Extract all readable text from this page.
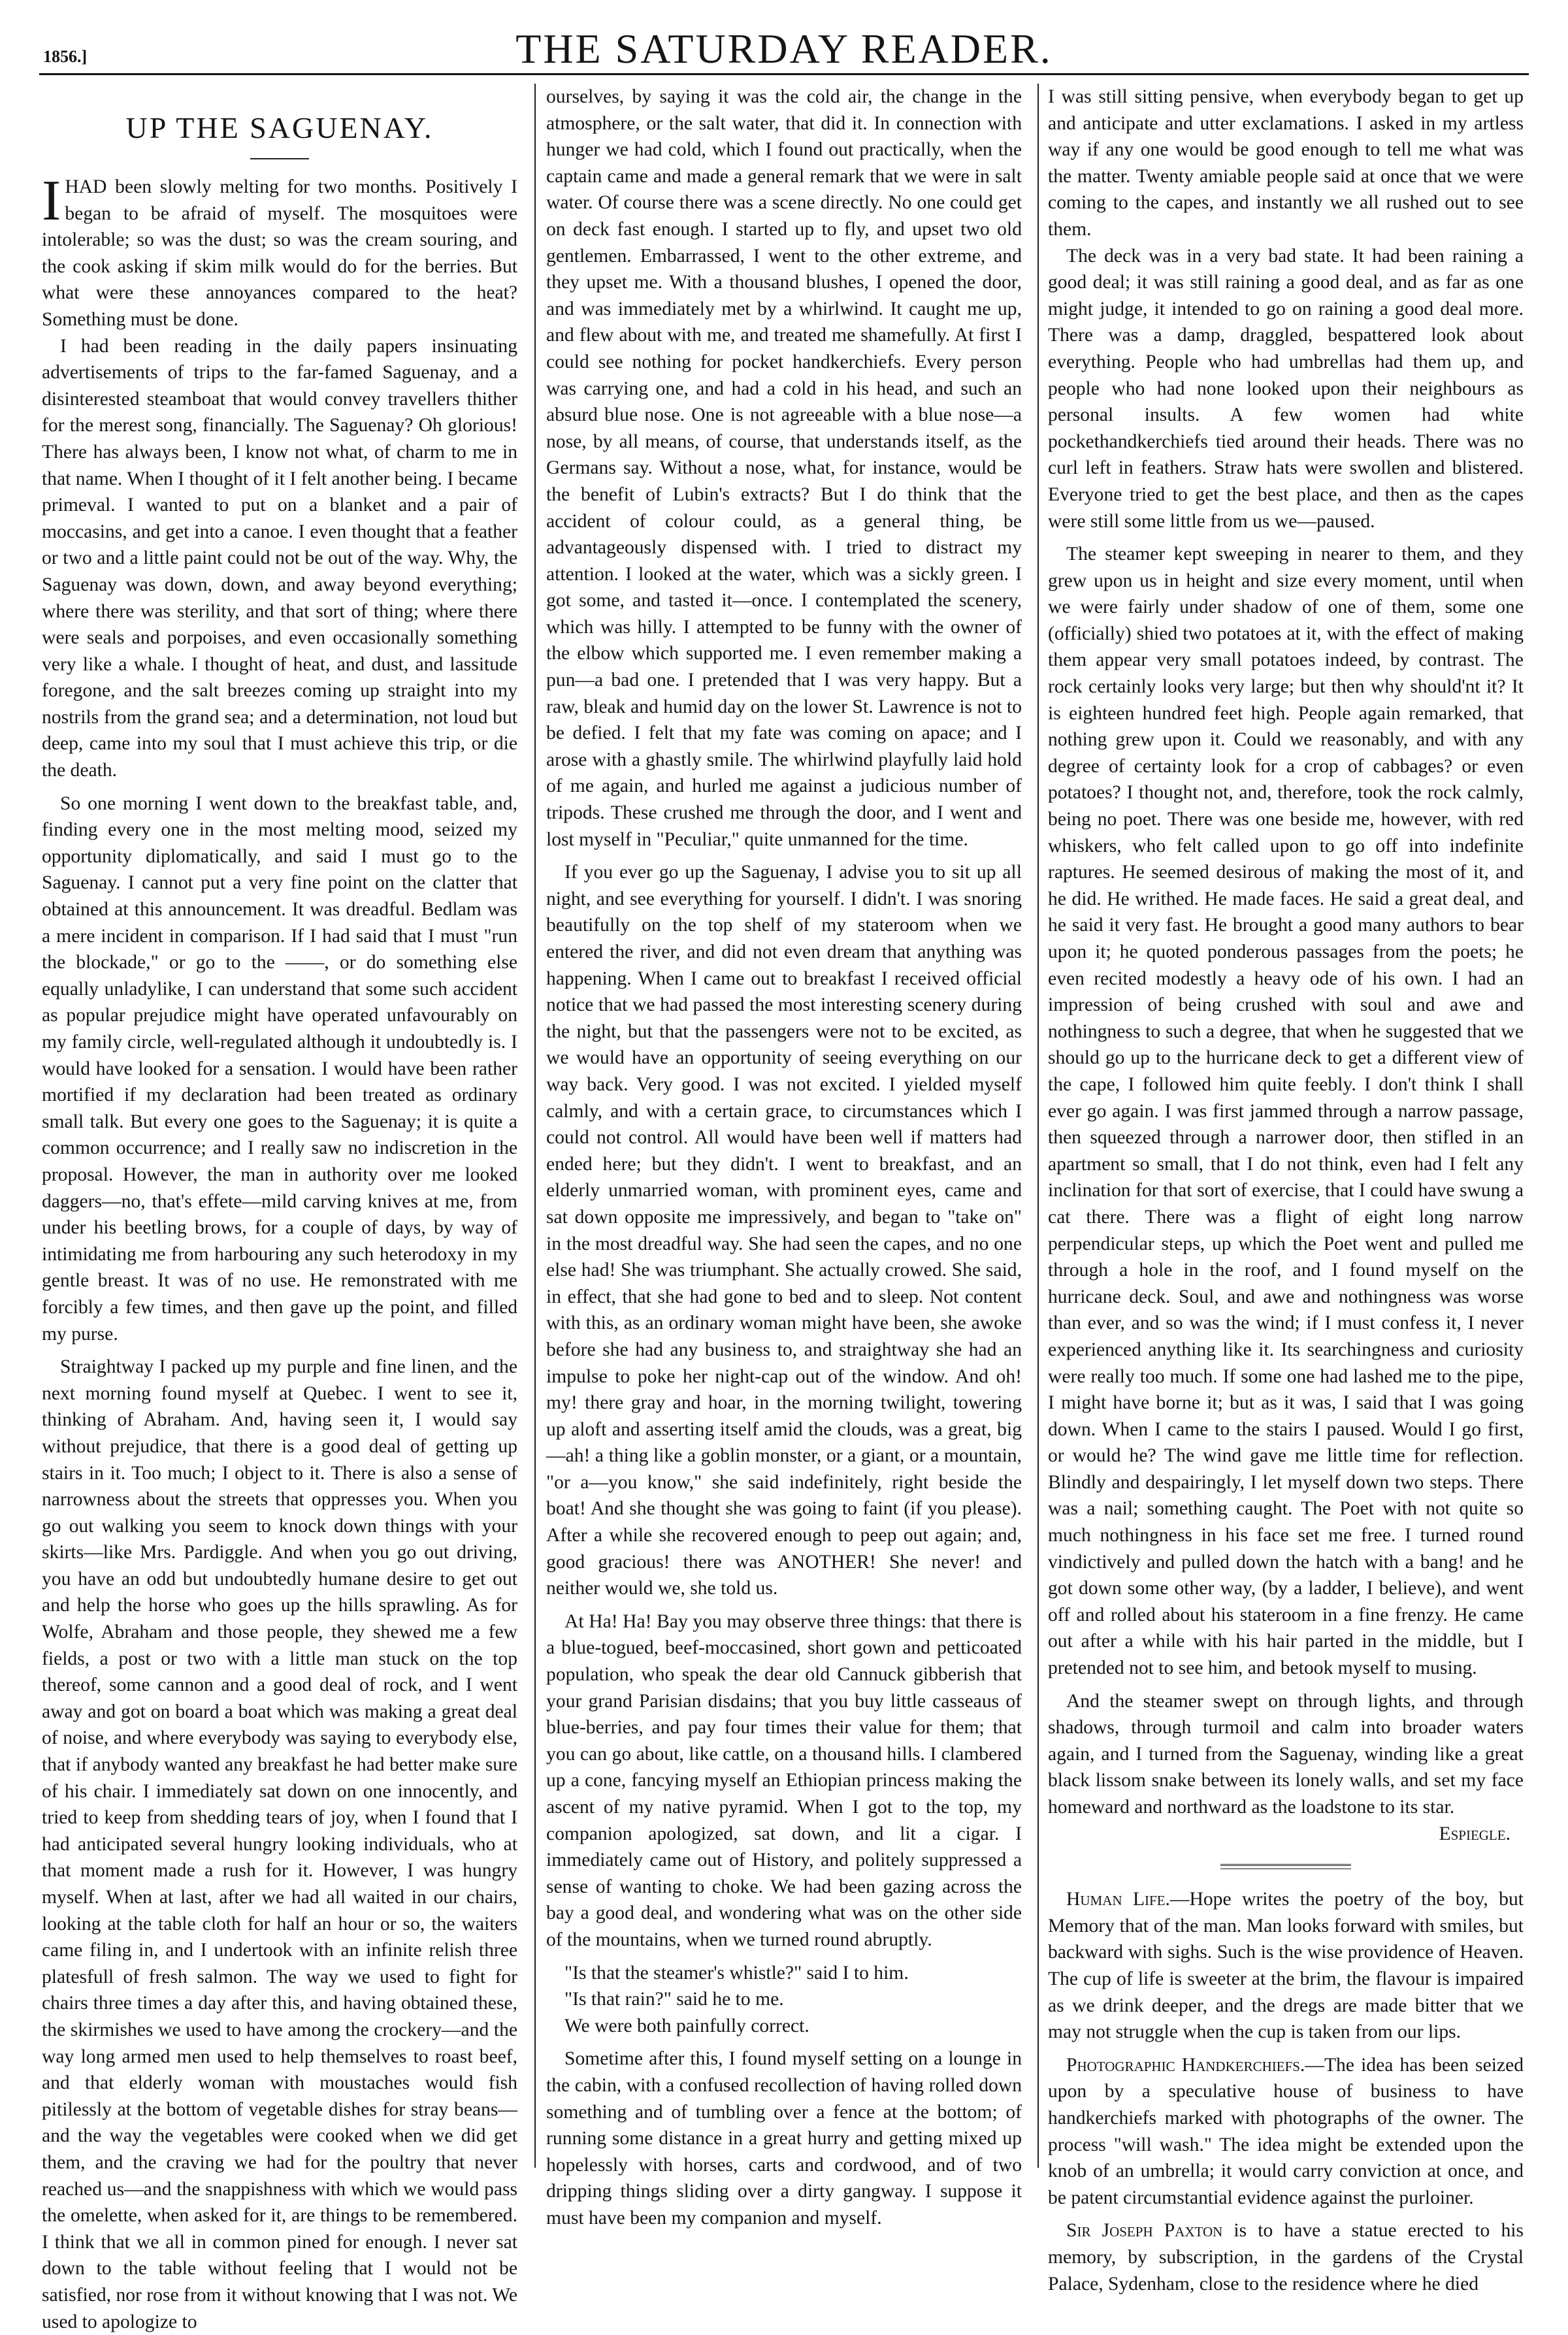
1856.]	THE SATURDAY READER.
UP THE SAGUENAY.

IHAD been slowly melting for two months. Positively I began to be afraid of myself. The mosquitoes were intolerable; so was the dust; so was the cream souring, and the cook asking if skim milk would do for the berries. But what were these annoyances compared to the heat? Something must be done.

I had been reading in the daily papers insinuating advertisements of trips to the far-famed Saguenay, and a disinterested steamboat that would convey travellers thither for the merest song, financially. The Saguenay? Oh glorious! There has always been, I know not what, of charm to me in that name. When I thought of it I felt another being. I became primeval. I wanted to put on a blanket and a pair of moccasins, and get into a canoe. I even thought that a feather or two and a little paint could not be out of the way. Why, the Saguenay was down, down, and away beyond everything; where there was sterility, and that sort of thing; where there were seals and porpoises, and even occasionally something very like a whale. I thought of heat, and dust, and lassitude foregone, and the salt breezes coming up straight into my nostrils from the grand sea; and a determination, not loud but deep, came into my soul that I must achieve this trip, or die the death.

So one morning I went down to the breakfast table, and, finding every one in the most melting mood, seized my opportunity diplomatically, and said I must go to the Saguenay. I cannot put a very fine point on the clatter that obtained at this announcement. It was dreadful. Bedlam was a mere incident in comparison. If I had said that I must "run the blockade," or go to the ——, or do something else equally unladylike, I can understand that some such accident as popular prejudice might have operated unfavourably on my family circle, well-regulated although it undoubtedly is. I would have looked for a sensation. I would have been rather mortified if my declaration had been treated as ordinary small talk. But every one goes to the Saguenay; it is quite a common occurrence; and I really saw no indiscretion in the proposal. However, the man in authority over me looked daggers—no, that's effete—mild carving knives at me, from under his beetling brows, for a couple of days, by way of intimidating me from harbouring any such heterodoxy in my gentle breast. It was of no use. He remonstrated with me forcibly a few times, and then gave up the point, and filled my purse.

Straightway I packed up my purple and fine linen, and the next morning found myself at Quebec. I went to see it, thinking of Abraham. And, having seen it, I would say without prejudice, that there is a good deal of getting up stairs in it. Too much; I object to it. There is also a sense of narrowness about the streets that oppresses you. When you go out walking you seem to knock down things with your skirts—like Mrs. Pardiggle. And when you go out driving, you have an odd but undoubtedly humane desire to get out and help the horse who goes up the hills sprawling. As for Wolfe, Abraham and those people, they shewed me a few fields, a post or two with a little man stuck on the top thereof, some cannon and a good deal of rock, and I went away and got on board a boat which was making a great deal of noise, and where everybody was saying to everybody else, that if anybody wanted any breakfast he had better make sure of his chair. I immediately sat down on one innocently, and tried to keep from shedding tears of joy, when I found that I had anticipated several hungry looking individuals, who at that moment made a rush for it. However, I was hungry myself. When at last, after we had all waited in our chairs, looking at the table cloth for half an hour or so, the waiters came filing in, and I undertook with an infinite relish three platesfull of fresh salmon. The way we used to fight for chairs three times a day after this, and having obtained these, the skirmishes we used to have among the crockery—and the way long armed men used to help themselves to roast beef, and that elderly woman with moustaches would fish pitilessly at the bottom of vegetable dishes for stray beans—and the way the vegetables were cooked when we did get them, and the craving we had for the poultry that never reached us—and the snappishness with which we would pass the omelette, when asked for it, are things to be remembered. I think that we all in common pined for enough. I never sat down to the table without feeling that I would not be satisfied, nor rose from it without knowing that I was not. We used to apologize to

ourselves, by saying it was the cold air, the change in the atmosphere, or the salt water, that did it. In connection with hunger we had cold, which I found out practically, when the captain came and made a general remark that we were in salt water. Of course there was a scene directly. No one could get on deck fast enough. I started up to fly, and upset two old gentlemen. Embarrassed, I went to the other extreme, and they upset me. With a thousand blushes, I opened the door, and was immediately met by a whirlwind. It caught me up, and flew about with me, and treated me shamefully. At first I could see nothing for pocket handkerchiefs. Every person was carrying one, and had a cold in his head, and such an absurd blue nose. One is not agreeable with a blue nose—a nose, by all means, of course, that understands itself, as the Germans say. Without a nose, what, for instance, would be the benefit of Lubin's extracts? But I do think that the accident of colour could, as a general thing, be advantageously dispensed with. I tried to distract my attention. I looked at the water, which was a sickly green. I got some, and tasted it—once. I contemplated the scenery, which was hilly. I attempted to be funny with the owner of the elbow which supported me. I even remember making a pun—a bad one. I pretended that I was very happy. But a raw, bleak and humid day on the lower St. Lawrence is not to be defied. I felt that my fate was coming on apace; and I arose with a ghastly smile. The whirlwind playfully laid hold of me again, and hurled me against a judicious number of tripods. These crushed me through the door, and I went and lost myself in "Peculiar," quite unmanned for the time.

If you ever go up the Saguenay, I advise you to sit up all night, and see everything for yourself. I didn't. I was snoring beautifully on the top shelf of my stateroom when we entered the river, and did not even dream that anything was happening. When I came out to breakfast I received official notice that we had passed the most interesting scenery during the night, but that the passengers were not to be excited, as we would have an opportunity of seeing everything on our way back. Very good. I was not excited. I yielded myself calmly, and with a certain grace, to circumstances which I could not control. All would have been well if matters had ended here; but they didn't. I went to breakfast, and an elderly unmarried woman, with prominent eyes, came and sat down opposite me impressively, and began to "take on" in the most dreadful way. She had seen the capes, and no one else had! She was triumphant. She actually crowed. She said, in effect, that she had gone to bed and to sleep. Not content with this, as an ordinary woman might have been, she awoke before she had any business to, and straightway she had an impulse to poke her night-cap out of the window. And oh! my! there gray and hoar, in the morning twilight, towering up aloft and asserting itself amid the clouds, was a great, big—ah! a thing like a goblin monster, or a giant, or a mountain, "or a—you know," she said indefinitely, right beside the boat! And she thought she was going to faint (if you please). After a while she recovered enough to peep out again; and, good gracious! there was ANOTHER! She never! and neither would we, she told us.

At Ha! Ha! Bay you may observe three things: that there is a blue-togued, beef-moccasined, short gown and petticoated population, who speak the dear old Cannuck gibberish that your grand Parisian disdains; that you buy little casseaus of blue-berries, and pay four times their value for them; that you can go about, like cattle, on a thousand hills. I clambered up a cone, fancying myself an Ethiopian princess making the ascent of my native pyramid. When I got to the top, my companion apologized, sat down, and lit a cigar. I immediately came out of History, and politely suppressed a sense of wanting to choke. We had been gazing across the bay a good deal, and wondering what was on the other side of the mountains, when we turned round abruptly.

"Is that the steamer's whistle?" said I to him.

"Is that rain?" said he to me.

We were both painfully correct.

Sometime after this, I found myself setting on a lounge in the cabin, with a confused recollection of having rolled down something and of tumbling over a fence at the bottom; of running some distance in a great hurry and getting mixed up hopelessly with horses, carts and cordwood, and of two dripping things sliding over a dirty gangway. I suppose it must have been my companion and myself.

I was still sitting pensive, when everybody began to get up and anticipate and utter exclamations. I asked in my artless way if any one would be good enough to tell me what was the matter. Twenty amiable people said at once that we were coming to the capes, and instantly we all rushed out to see them.

The deck was in a very bad state. It had been raining a good deal; it was still raining a good deal, and as far as one might judge, it intended to go on raining a good deal more. There was a damp, draggled, bespattered look about everything. People who had umbrellas had them up, and people who had none looked upon their neighbours as personal insults. A few women had white pockethandkerchiefs tied around their heads. There was no curl left in feathers. Straw hats were swollen and blistered. Everyone tried to get the best place, and then as the capes were still some little from us we—paused.

The steamer kept sweeping in nearer to them, and they grew upon us in height and size every moment, until when we were fairly under shadow of one of them, some one (officially) shied two potatoes at it, with the effect of making them appear very small potatoes indeed, by contrast. The rock certainly looks very large; but then why should'nt it? It is eighteen hundred feet high. People again remarked, that nothing grew upon it. Could we reasonably, and with any degree of certainty look for a crop of cabbages? or even potatoes? I thought not, and, therefore, took the rock calmly, being no poet. There was one beside me, however, with red whiskers, who felt called upon to go off into indefinite raptures. He seemed desirous of making the most of it, and he did. He writhed. He made faces. He said a great deal, and he said it very fast. He brought a good many authors to bear upon it; he quoted ponderous passages from the poets; he even recited modestly a heavy ode of his own. I had an impression of being crushed with soul and awe and nothingness to such a degree, that when he suggested that we should go up to the hurricane deck to get a different view of the cape, I followed him quite feebly. I don't think I shall ever go again. I was first jammed through a narrow passage, then squeezed through a narrower door, then stifled in an apartment so small, that I do not think, even had I felt any inclination for that sort of exercise, that I could have swung a cat there. There was a flight of eight long narrow perpendicular steps, up which the Poet went and pulled me through a hole in the roof, and I found myself on the hurricane deck. Soul, and awe and nothingness was worse than ever, and so was the wind; if I must confess it, I never experienced anything like it. Its searchingness and curiosity were really too much. If some one had lashed me to the pipe, I might have borne it; but as it was, I said that I was going down. When I came to the stairs I paused. Would I go first, or would he? The wind gave me little time for reflection. Blindly and despairingly, I let myself down two steps. There was a nail; something caught. The Poet with not quite so much nothingness in his face set me free. I turned round vindictively and pulled down the hatch with a bang! and he got down some other way, (by a ladder, I believe), and went off and rolled about his stateroom in a fine frenzy. He came out after a while with his hair parted in the middle, but I pretended not to see him, and betook myself to musing.

And the steamer swept on through lights, and through shadows, through turmoil and calm into broader waters again, and I turned from the Saguenay, winding like a great black lissom snake between its lonely walls, and set my face homeward and northward as the loadstone to its star.
Espiegle.

Human Life.—Hope writes the poetry of the boy, but Memory that of the man. Man looks forward with smiles, but backward with sighs. Such is the wise providence of Heaven. The cup of life is sweeter at the brim, the flavour is impaired as we drink deeper, and the dregs are made bitter that we may not struggle when the cup is taken from our lips.

Photographic Handkerchiefs.—The idea has been seized upon by a speculative house of business to have handkerchiefs marked with photographs of the owner. The process "will wash." The idea might be extended upon the knob of an umbrella; it would carry conviction at once, and be patent circumstantial evidence against the purloiner.

Sir Joseph Paxton is to have a statue erected to his memory, by subscription, in the gardens of the Crystal Palace, Sydenham, close to the residence where he died
